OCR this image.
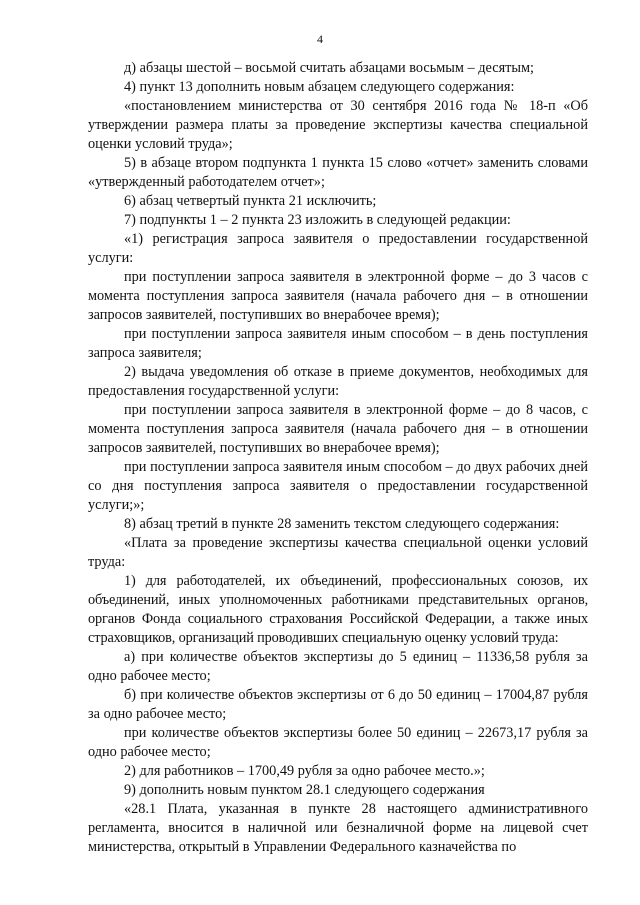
4

д) абзацы шестой – восьмой считать абзацами восьмым – десятым;

4) пункт 13 дополнить новым абзацем следующего содержания:

«постановлением министерства от 30 сентября 2016 года № 18-п «Об утверждении размера платы за проведение экспертизы качества специальной оценки условий труда»;

5) в абзаце втором подпункта 1 пункта 15 слово «отчет» заменить словами «утвержденный работодателем отчет»;

6) абзац четвертый пункта 21 исключить;

7) подпункты 1 – 2 пункта 23 изложить в следующей редакции:

«1) регистрация запроса заявителя о предоставлении государственной услуги:

при поступлении запроса заявителя в электронной форме – до 3 часов с момента поступления запроса заявителя (начала рабочего дня – в отношении запросов заявителей, поступивших во внерабочее время);

при поступлении запроса заявителя иным способом – в день поступления запроса заявителя;

2) выдача уведомления об отказе в приеме документов, необходимых для предоставления государственной услуги:

при поступлении запроса заявителя в электронной форме – до 8 часов, с момента поступления запроса заявителя (начала рабочего дня – в отношении запросов заявителей, поступивших во внерабочее время);

при поступлении запроса заявителя иным способом – до двух рабочих дней со дня поступления запроса заявителя о предоставлении государственной услуги;»;

8) абзац третий в пункте 28 заменить текстом следующего содержания:

«Плата за проведение экспертизы качества специальной оценки условий труда:

1) для работодателей, их объединений, профессиональных союзов, их объединений, иных уполномоченных работниками представительных органов, органов Фонда социального страхования Российской Федерации, а также иных страховщиков, организаций проводивших специальную оценку условий труда:

а) при количестве объектов экспертизы до 5 единиц – 11336,58 рубля за одно рабочее место;

б) при количестве объектов экспертизы от 6 до 50 единиц – 17004,87 рубля за одно рабочее место;

при количестве объектов экспертизы более 50 единиц – 22673,17 рубля за одно рабочее место;

2) для работников – 1700,49 рубля за одно рабочее место.»;

9) дополнить новым пунктом 28.1 следующего содержания

«28.1 Плата, указанная в пункте 28 настоящего административного регламента, вносится в наличной или безналичной форме на лицевой счет министерства, открытый в Управлении Федерального казначейства по
